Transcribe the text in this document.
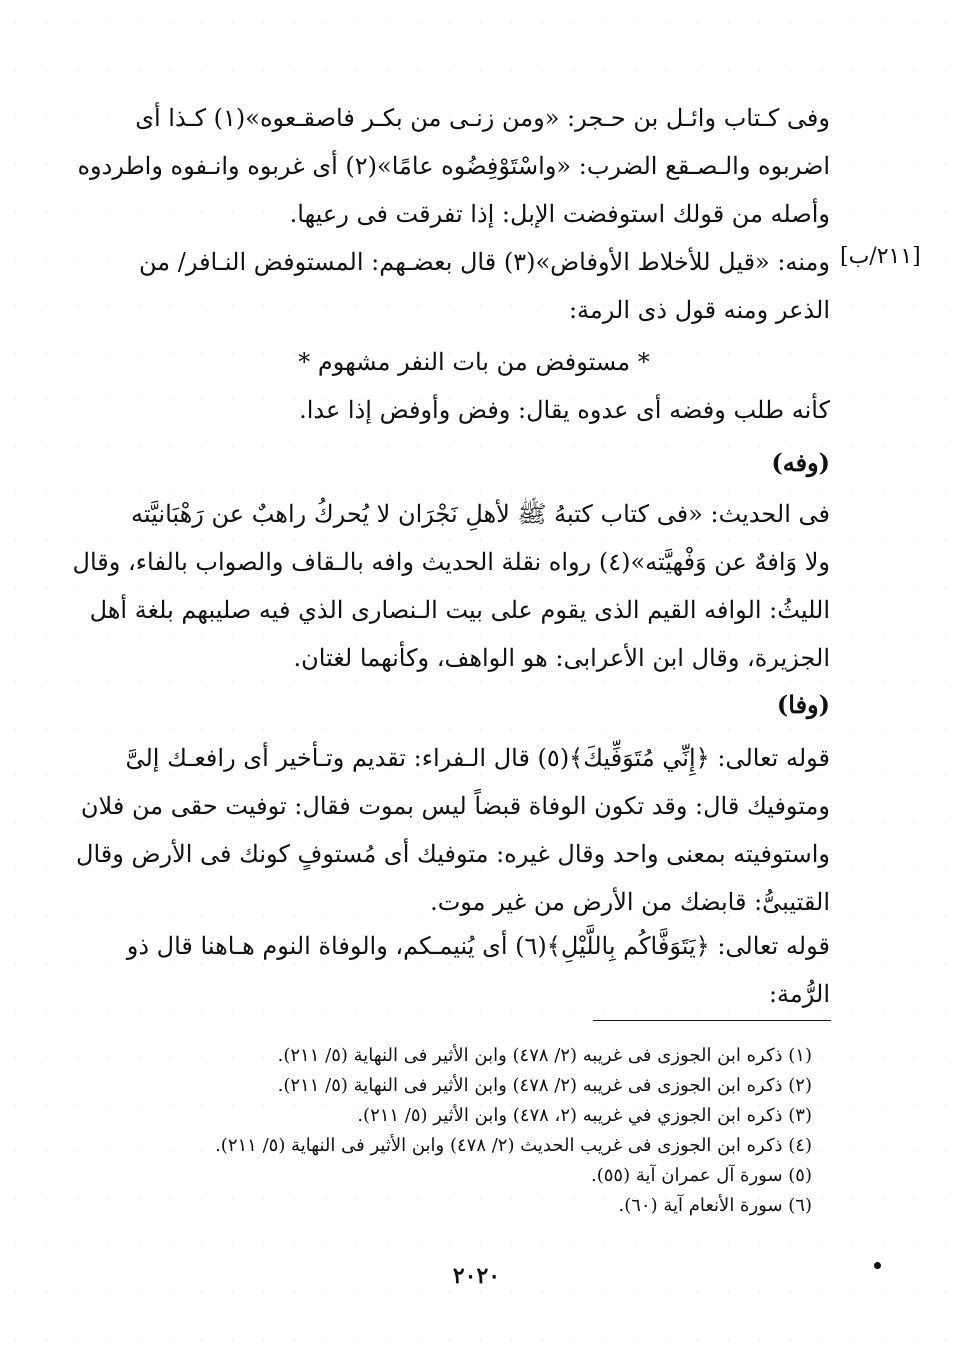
[٢١١/ب]
وفى كـتاب وائـل بن حـجر: «ومن زنـى من بكـر فاصقـعوه»(١) كـذا أى
اضربوه والـصـقع الضرب: «واسْتَوْفِضُوه عامًا»(٢) أى غربوه وانـفوه واطردوه
وأصله من قولك استوفضت الإبل: إذا تفرقت فى رعيها.
ومنه: «قيل للأخلاط الأوفاض»(٣) قال بعضـهم: المستوفض النـافر/ من
الذعر ومنه قول ذى الرمة:
* مستوفض من بات النفر مشهوم *
كأنه طلب وفضه أى عدوه يقال: وفض وأوفض إذا عدا.
(وفه)
فى الحديث: «فى كتاب كتبهُ ﷺ لأهلِ نَجْرَان لا يُحركُ راهبٌ عن رَهْبَانيَّته
ولا وَافهٌ عن وَفْهيَّته»(٤) رواه نقلة الحديث وافه بالـقاف والصواب بالفاء، وقال
الليثُ: الوافه القيم الذى يقوم على بيت الـنصارى الذي فيه صليبهم بلغة أهل
الجزيرة، وقال ابن الأعرابى: هو الواهف، وكأنهما لغتان.
(وفا)
قوله تعالى: ﴿إِنِّي مُتَوَفِّيكَ﴾(٥) قال الـفراء: تقديم وتـأخير أى رافعـك إلىَّ
ومتوفيك قال: وقد تكون الوفاة قبضاً ليس بموت فقال: توفيت حقى من فلان
واستوفيته بمعنى واحد وقال غيره: متوفيك أى مُستوفٍ كونك فى الأرض وقال
القتيبىُّ: قابضك من الأرض من غير موت.
قوله تعالى: ﴿يَتَوَفَّاكُم بِاللَّيْلِ﴾(٦) أى يُنيمـكم، والوفاة النوم هـاهنا قال ذو
الرُّمة:
(١) ذكره ابن الجوزى فى غريبه (٢/ ٤٧٨) وابن الأثير فى النهاية (٥/ ٢١١).
(٢) ذكره ابن الجوزى فى غريبه (٢/ ٤٧٨) وابن الأثير فى النهاية (٥/ ٢١١).
(٣) ذكره ابن الجوزي في غريبه (٢، ٤٧٨) وابن الأثير (٥/ ٢١١).
(٤) ذكره ابن الجوزى فى غريب الحديث (٢/ ٤٧٨) وابن الأثير فى النهاية (٥/ ٢١١).
(٥) سورة آل عمران آية (٥٥).
(٦) سورة الأنعام آية (٦٠).
٢٠٢٠
